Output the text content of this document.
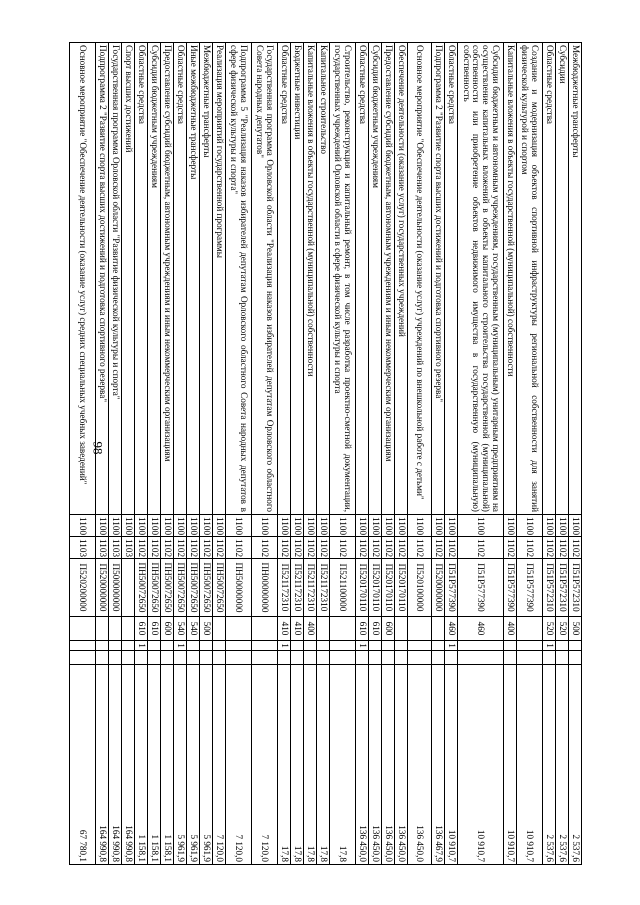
98
Межбюджетные трансферты	1100	1102	П51P572310	500			2 537,6
Субсидии	1100	1102	П51P572310	520			2 537,6
Областные средства	1100	1102	П51P572310	520	1		2 537,6
Создание и модернизация объектов спортивной инфраструктуры региональной собственности для занятий физической культурой и спортом	1100	1102	П51P577390				10 910,7
Капитальные вложения в объекты государственной (муниципальной) собственности	1100	1102	П51P577390	400			10 910,7
Субсидии бюджетным и автономным учреждениям, государственным (муниципальным) унитарным предприятиям на осуществление капитальных вложений в объекты капитального строительства государственной (муниципальной) собственности или приобретение объектов недвижимого имущества в государственную (муниципальную) собственность	1100	1102	П51P577390	460			10 910,7
Областные средства	1100	1102	П51P577390	460	1		10 910,7
Подпрограмма 2 "Развитие спорта высших достижений и подготовка спортивного резерва"	1100	1102	П520000000				136 467,9
Основное мероприятие "Обеспечение деятельности (оказание услуг) учреждений по внешкольной работе с детьми"	1100	1102	П520100000				136 450,0
Обеспечение деятельности (оказание услуг) государственных учреждений	1100	1102	П520170110				136 450,0
Предоставление субсидий бюджетным, автономным учреждениям и иным некоммерческим организациям	1100	1102	П520170110	600			136 450,0
Субсидии бюджетным учреждениям	1100	1102	П520170110	610			136 450,0
Областные средства	1100	1102	П520170110	610	1		136 450,0
Строительство, реконструкция и капитальный ремонт, в том числе разработка проектно-сметной документации, государственных учреждений Орловской области в сфере физической культуры и спорта	1100	1102	П521100000				17,8
Капитальное строительство	1100	1102	П521172310				17,8
Капитальные вложения в объекты государственной (муниципальной) собственности	1100	1102	П521172310	400			17,8
Бюджетные инвестиции	1100	1102	П521172310	410			17,8
Областные средства	1100	1102	П521172310	410	1		17,8
Государственная программа Орловской области "Реализация наказов избирателей депутатам Орловского областного Совета народных депутатов"	1100	1102	ПН00000000				7 120,0
Подпрограмма 5 "Реализация наказов избирателей депутатам Орловского областного Совета народных депутатов в сфере физической культуры и спорта"	1100	1102	ПН50000000				7 120,0
Реализация мероприятий государственной программы	1100	1102	ПН50072650				7 120,0
Межбюджетные трансферты	1100	1102	ПН50072650	500			5 961,9
Иные межбюджетные трансферты	1100	1102	ПН50072650	540			5 961,9
Областные средства	1100	1102	ПН50072650	540	1		5 961,9
Предоставление субсидий бюджетным, автономным учреждениям и иным некоммерческим организациям	1100	1102	ПН50072650	600			1 158,1
Субсидии бюджетным учреждениям	1100	1102	ПН50072650	610			1 158,1
Областные средства	1100	1102	ПН50072650	610	1		1 158,1
Спорт высших достижений	1100	1103					164 990,8
Государственная программа Орловской области "Развитие физической культуры и спорта"	1100	1103	П500000000				164 990,8
Подпрограмма 2 "Развитие спорта высших достижений и подготовка спортивного резерва"	1100	1103	П520000000				164 990,8
Основное мероприятие "Обеспечение деятельности (оказание услуг) средних специальных учебных заведений"	1100	1103	П520200000				67 780,1
